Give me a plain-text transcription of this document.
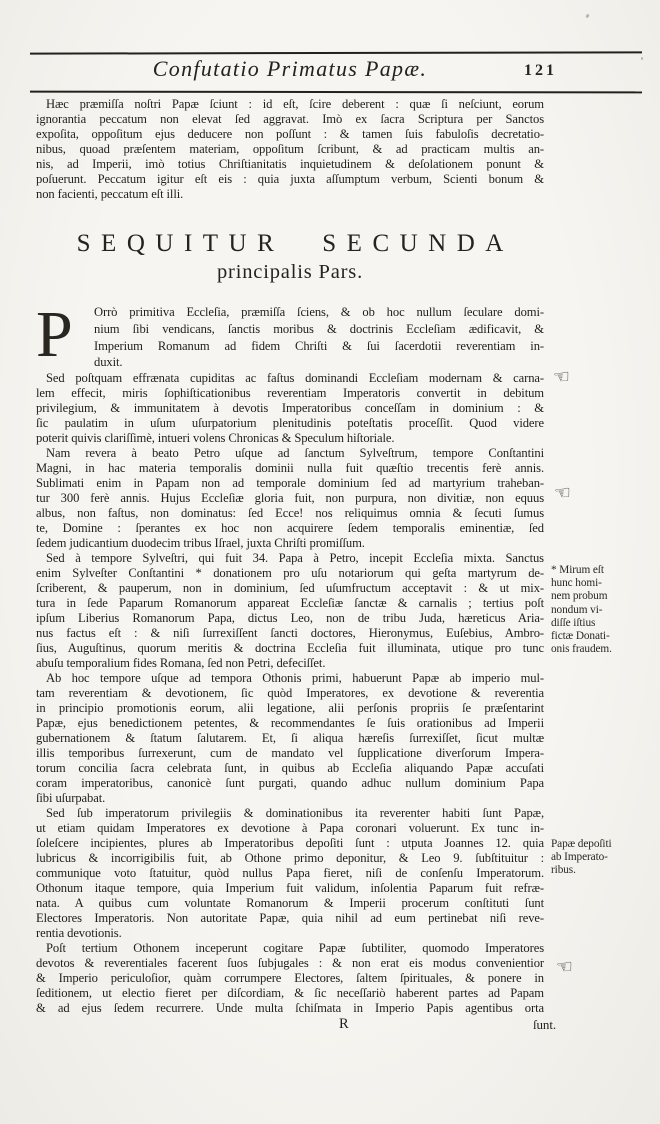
Confutatio Primatus Papæ.	121
Hæc præmiſſa noſtri Papæ ſciunt : id eſt, ſcire deberent : quæ ſi neſciunt, eorum
ignorantia peccatum non elevat ſed aggravat. Imò ex ſacra Scriptura per Sanctos
expoſita, oppoſitum ejus deducere non poſſunt : & tamen ſuis fabuloſis decretatio-
nibus, quoad præſentem materiam, oppoſitum ſcribunt, & ad practicam multis an-
nis, ad Imperii, imò totius Chriſtianitatis inquietudinem & deſolationem ponunt &
poſuerunt. Peccatum igitur eſt eis : quia juxta aſſumptum verbum, Scienti bonum &
non facienti, peccatum eſt illi.
SEQUITUR SECUNDA
principalis Pars.
P	Orrò primitiva Eccleſia, præmiſſa ſciens, & ob hoc nullum ſeculare domi-
nium ſibi vendicans, ſanctis moribus & doctrinis Eccleſiam ædificavit, &
Imperium Romanum ad fidem Chriſti & ſui ſacerdotii reverentiam in-
duxit.
Sed poſtquam effrænata cupiditas ac faſtus dominandi Eccleſiam modernam & carna-
lem effecit, miris ſophiſticationibus reverentiam Imperatoris convertit in debitum
privilegium, & immunitatem à devotis Imperatoribus conceſſam in dominium : &
ſic paulatim in uſum uſurpatorium plenitudinis poteſtatis proceſſit. Quod videre
poterit quivis clariſſimè, intueri volens Chronicas & Speculum hiſtoriale.
Nam revera à beato Petro uſque ad ſanctum Sylveſtrum, tempore Conſtantini
Magni, in hac materia temporalis dominii nulla fuit quæſtio trecentis ferè annis.
Sublimati enim in Papam non ad temporale dominium ſed ad martyrium traheban-
tur 300 ferè annis. Hujus Eccleſiæ gloria fuit, non purpura, non divitiæ, non equus
albus, non faſtus, non dominatus: ſed Ecce! nos reliquimus omnia & ſecuti ſumus
te, Domine : ſperantes ex hoc non acquirere ſedem temporalis eminentiæ, ſed
ſedem judicantium duodecim tribus Iſrael, juxta Chriſti promiſſum.
Sed à tempore Sylveſtri, qui fuit 34. Papa à Petro, incepit Eccleſia mixta. Sanctus
enim Sylveſter Conſtantini * donationem pro uſu notariorum qui geſta martyrum de-
ſcriberent, & pauperum, non in dominium, ſed uſumfructum acceptavit : & ut mix-
tura in ſede Paparum Romanorum appareat Eccleſiæ ſanctæ & carnalis ; tertius poſt
ipſum Liberius Romanorum Papa, dictus Leo, non de tribu Juda, hæreticus Aria-
nus factus eſt : & niſi ſurrexiſſent ſancti doctores, Hieronymus, Euſebius, Ambro-
ſius, Auguſtinus, quorum meritis & doctrina Eccleſia fuit illuminata, utique pro tunc
abuſu temporalium fides Romana, ſed non Petri, defeciſſet.
Ab hoc tempore uſque ad tempora Othonis primi, habuerunt Papæ ab imperio mul-
tam reverentiam & devotionem, ſic quòd Imperatores, ex devotione & reverentia
in principio promotionis eorum, alii legatione, alii perſonis propriis ſe præſentarint
Papæ, ejus benedictionem petentes, & recommendantes ſe ſuis orationibus ad Imperii
gubernationem & ſtatum ſalutarem. Et, ſi aliqua hæreſis ſurrexiſſet, ſicut multæ
illis temporibus ſurrexerunt, cum de mandato vel ſupplicatione diverſorum Impera-
torum concilia ſacra celebrata ſunt, in quibus ab Eccleſia aliquando Papæ accuſati
coram imperatoribus, canonicè ſunt purgati, quando adhuc nullum dominium Papa
ſibi uſurpabat.
Sed ſub imperatorum privilegiis & dominationibus ita reverenter habiti ſunt Papæ,
ut etiam quidam Imperatores ex devotione à Papa coronari voluerunt. Ex tunc in-
ſoleſcere incipientes, plures ab Imperatoribus depoſiti ſunt : utputa Joannes 12. quia
lubricus & incorrigibilis fuit, ab Othone primo deponitur, & Leo 9. ſubſtituitur :
communique voto ſtatuitur, quòd nullus Papa fieret, niſi de conſenſu Imperatorum.
Othonum itaque tempore, quia Imperium fuit validum, inſolentia Paparum fuit refræ-
nata. A quibus cum voluntate Romanorum & Imperii procerum conſtituti ſunt
Electores Imperatoris. Non autoritate Papæ, quia nihil ad eum pertinebat niſi reve-
rentia devotionis.
Poſt tertium Othonem inceperunt cogitare Papæ ſubtiliter, quomodo Imperatores
devotos & reverentiales facerent ſuos ſubjugales : & non erat eis modus convenientior
& Imperio periculoſior, quàm corrumpere Electores, ſaltem ſpirituales, & ponere in
ſeditionem, ut electio fieret per diſcordiam, & ſic neceſſariò haberent partes ad Papam
& ad ejus ſedem recurrere. Unde multa ſchiſmata in Imperio Papis agentibus orta
R	ſunt.
* Mirum eſt
hunc homi-
nem probum
nondum vi-
diſſe iſtius
fictæ Donati-
onis fraudem.
Papæ depoſiti
ab Imperato-
ribus.
☜
☜
☜
